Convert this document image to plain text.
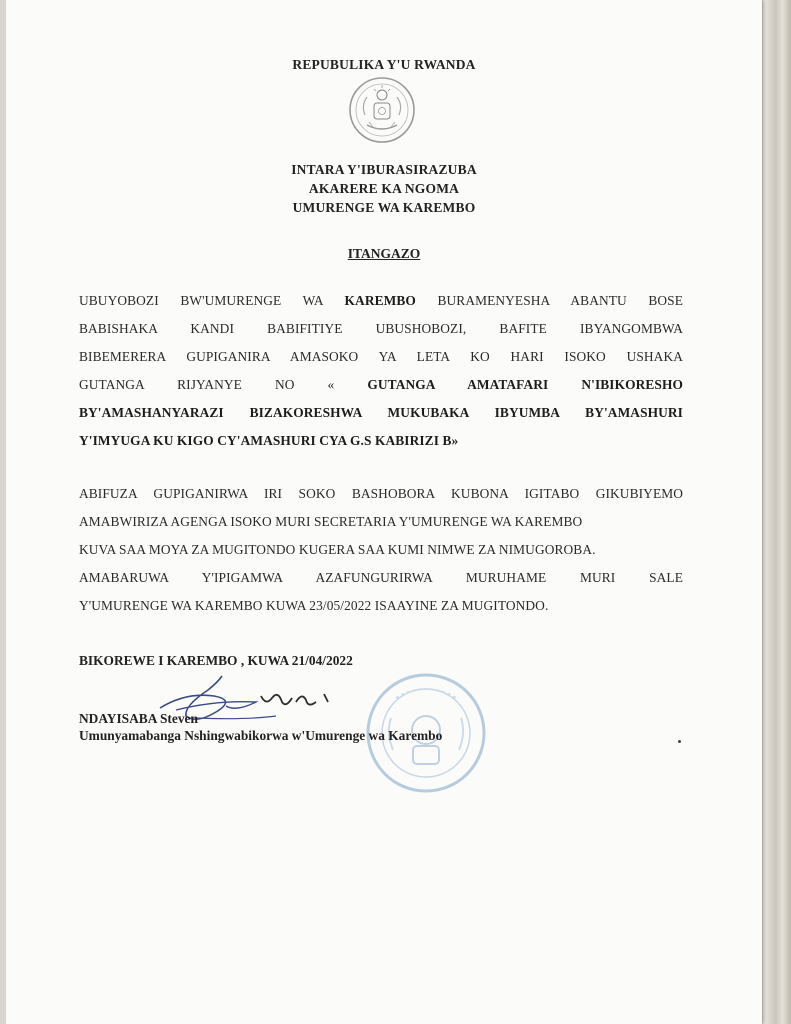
REPUBULIKA Y'U RWANDA
INTARA Y'IBURASIRAZUBA
AKARERE KA NGOMA
UMURENGE WA KAREMBO
ITANGAZO
UBUYOBOZI BW'UMURENGE WA KAREMBO BURAMENYESHA ABANTU BOSE
BABISHAKA KANDI BABIFITIYE UBUSHOBOZI, BAFITE IBYANGOMBWA
BIBEMERERA GUPIGANIRA AMASOKO YA LETA KO HARI ISOKO USHAKA
GUTANGA RIJYANYE NO « GUTANGA AMATAFARI N'IBIKORESHO
BY'AMASHANYARAZI BIZAKORESHWA MUKUBAKA IBYUMBA BY'AMASHURI
Y'IMYUGA KU KIGO CY'AMASHURI CYA G.S KABIRIZI B»
ABIFUZA GUPIGANIRWA IRI SOKO BASHOBORA KUBONA IGITABO GIKUBIYEMO
AMABWIRIZA AGENGA ISOKO MURI SECRETARIA Y'UMURENGE WA KAREMBO
KUVA SAA MOYA ZA MUGITONDO KUGERA SAA KUMI NIMWE ZA NIMUGOROBA.
AMABARUWA Y'IPIGAMWA AZAFUNGURIRWA MURUHAME MURI SALE
Y'UMURENGE WA KAREMBO KUWA 23/05/2022 ISAAYINE ZA MUGITONDO.
BIKOREWE I KAREMBO , KUWA 21/04/2022
NDAYISABA Steven
Umunyamabanga Nshingwabikorwa w'Umurenge wa Karembo
